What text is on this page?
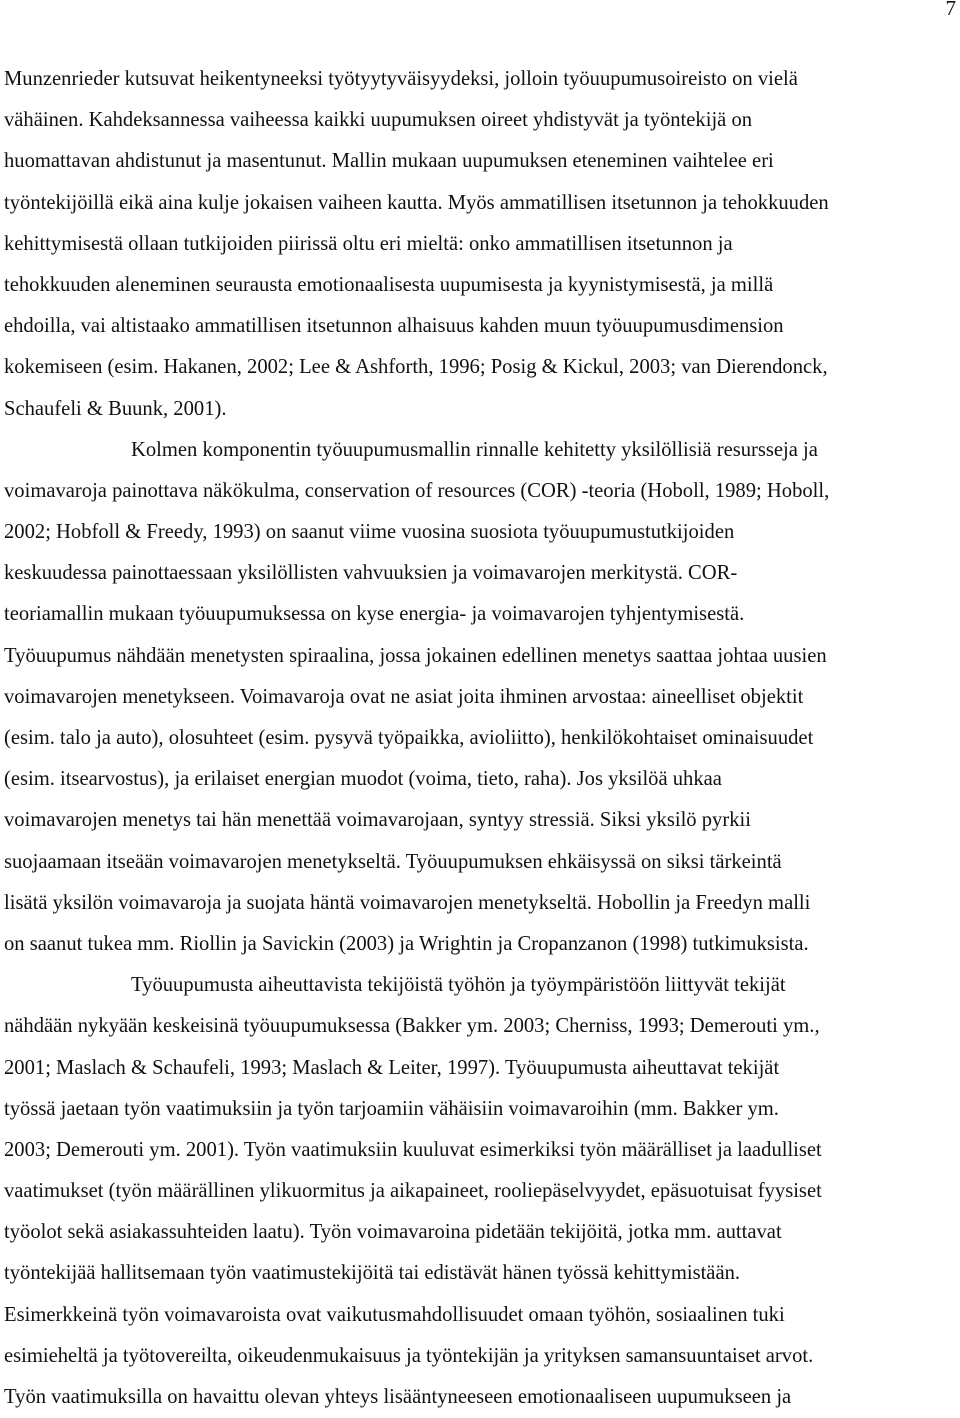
7
Munzenrieder kutsuvat heikentyneeksi työtyytyväisyydeksi, jolloin työuupumusoireisto on vielä
vähäinen. Kahdeksannessa vaiheessa kaikki uupumuksen oireet yhdistyvät ja työntekijä on
huomattavan ahdistunut ja masentunut. Mallin mukaan uupumuksen eteneminen vaihtelee eri
työntekijöillä eikä aina kulje jokaisen vaiheen kautta. Myös ammatillisen itsetunnon ja tehokkuuden
kehittymisestä ollaan tutkijoiden piirissä oltu eri mieltä: onko ammatillisen itsetunnon ja
tehokkuuden aleneminen seurausta emotionaalisesta uupumisesta ja kyynistymisestä, ja millä
ehdoilla, vai altistaako ammatillisen itsetunnon alhaisuus kahden muun työuupumusdimension
kokemiseen (esim. Hakanen, 2002; Lee & Ashforth, 1996; Posig & Kickul, 2003; van Dierendonck,
Schaufeli & Buunk, 2001).
Kolmen komponentin työuupumusmallin rinnalle kehitetty yksilöllisiä resursseja ja
voimavaroja painottava näkökulma, conservation of resources (COR) -teoria (Hoboll, 1989; Hoboll,
2002; Hobfoll & Freedy, 1993) on saanut viime vuosina suosiota työuupumustutkijoiden
keskuudessa painottaessaan yksilöllisten vahvuuksien ja voimavarojen merkitystä. COR-
teoriamallin mukaan työuupumuksessa on kyse energia- ja voimavarojen tyhjentymisestä.
Työuupumus nähdään menetysten spiraalina, jossa jokainen edellinen menetys saattaa johtaa uusien
voimavarojen menetykseen. Voimavaroja ovat ne asiat joita ihminen arvostaa: aineelliset objektit
(esim. talo ja auto), olosuhteet (esim. pysyvä työpaikka, avioliitto), henkilökohtaiset ominaisuudet
(esim. itsearvostus), ja erilaiset energian muodot (voima, tieto, raha). Jos yksilöä uhkaa
voimavarojen menetys tai hän menettää voimavarojaan, syntyy stressiä. Siksi yksilö pyrkii
suojaamaan itseään voimavarojen menetykseltä. Työuupumuksen ehkäisyssä on siksi tärkeintä
lisätä yksilön voimavaroja ja suojata häntä voimavarojen menetykseltä. Hobollin ja Freedyn malli
on saanut tukea mm. Riollin ja Savickin (2003) ja Wrightin ja Cropanzanon (1998) tutkimuksista.
Työuupumusta aiheuttavista tekijöistä työhön ja työympäristöön liittyvät tekijät
nähdään nykyään keskeisinä työuupumuksessa (Bakker ym. 2003; Cherniss, 1993; Demerouti ym.,
2001; Maslach & Schaufeli, 1993; Maslach & Leiter, 1997). Työuupumusta aiheuttavat tekijät
työssä jaetaan työn vaatimuksiin ja työn tarjoamiin vähäisiin voimavaroihin (mm. Bakker ym.
2003; Demerouti ym. 2001). Työn vaatimuksiin kuuluvat esimerkiksi työn määrälliset ja laadulliset
vaatimukset (työn määrällinen ylikuormitus ja aikapaineet, rooliepäselvyydet, epäsuotuisat fyysiset
työolot sekä asiakassuhteiden laatu). Työn voimavaroina pidetään tekijöitä, jotka mm. auttavat
työntekijää hallitsemaan työn vaatimustekijöitä tai edistävät hänen työssä kehittymistään.
Esimerkkeinä työn voimavaroista ovat vaikutusmahdollisuudet omaan työhön, sosiaalinen tuki
esimieheltä ja työtovereilta, oikeudenmukaisuus ja työntekijän ja yrityksen samansuuntaiset arvot.
Työn vaatimuksilla on havaittu olevan yhteys lisääntyneeseen emotionaaliseen uupumukseen ja
